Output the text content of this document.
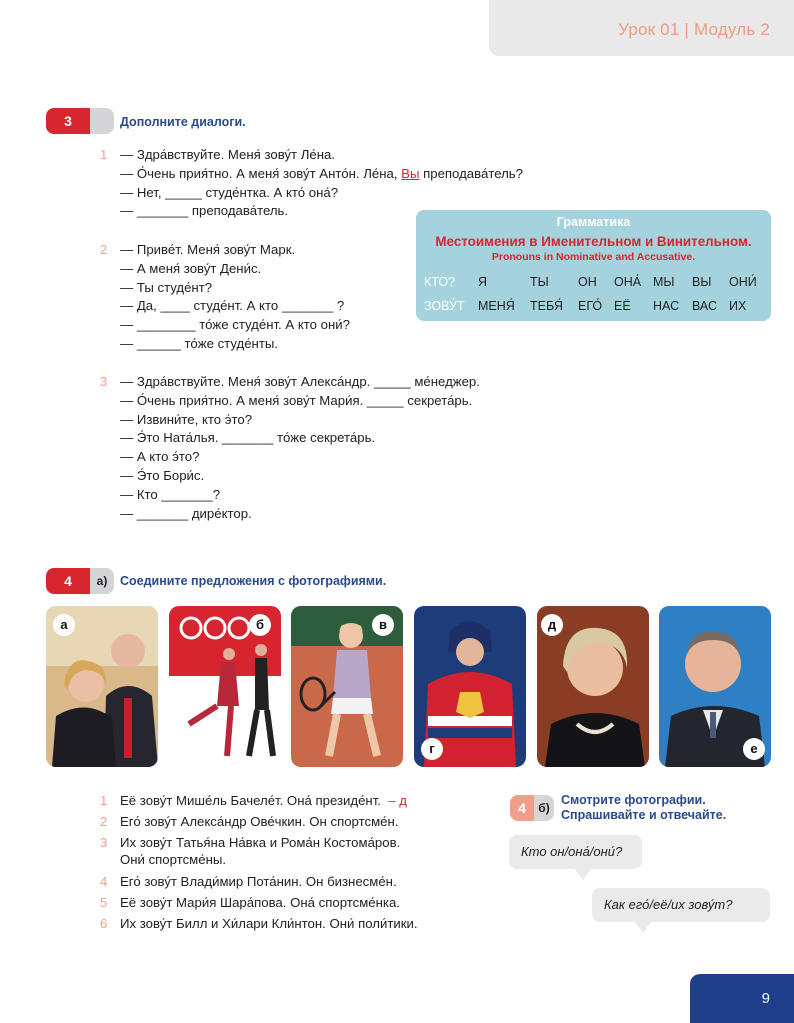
Урок 01 | Модуль 2
3	Дополните диалоги.
1 — Здра́вствуйте. Меня́ зову́т Ле́на.
— О́чень прия́тно. А меня́ зову́т Анто́н. Ле́на, Вы преподава́тель?
— Нет, _____ студе́нтка. А кто́ она́?
— _______ преподава́тель.
2 — Приве́т. Меня́ зову́т Марк.
— А меня́ зову́т Дени́с.
— Ты студе́нт?
— Да, ____ студе́нт. А кто _______ ?
— ________ то́же студе́нт. А кто они́?
— ______ то́же студе́нты.
3 — Здра́вствуйте. Меня́ зову́т Алекса́ндр. _____ ме́неджер.
— О́чень прия́тно. А меня́ зову́т Мари́я. _____ секрета́рь.
— Извини́те, кто э́то?
— Э́то Ната́лья. _______ то́же секрета́рь.
— А кто э́то?
— Э́то Бори́с.
— Кто _______?
— _______ дире́ктор.
Грамматика
Местоимения в Именительном и Винительном.
Pronouns in Nominative and Accusative.
КТО? Я	ТЫ ОН ОНА́ МЫ ВЫ ОНИ́
ЗОВУ́Т МЕНЯ́ ТЕБЯ́ ЕГО́ ЕЁ НАС ВАС ИХ
4	а)	Соедините предложения с фотографиями.
а	б	в
г
д
е
1 Её зову́т Мише́ль Бачеле́т. Она́ президе́нт. – д
2 Его́ зову́т Алекса́ндр Ове́чкин. Он спортсме́н.
3 Их зову́т Татья́на На́вка и Рома́н Костома́ров.
Они́ спортсме́ны.
4 Его́ зову́т Влади́мир Пота́нин. Он бизнесме́н.
5 Её зову́т Мари́я Шара́пова. Она́ спортсме́нка.
6 Их зову́т Билл и Хи́лари Кли́нтон. Они́ поли́тики.
4	б)
Смотрите фотографии.
Спрашивайте и отвечайте.
Кто он/она́/они́?
Как его́/её/их зову́т?
9
